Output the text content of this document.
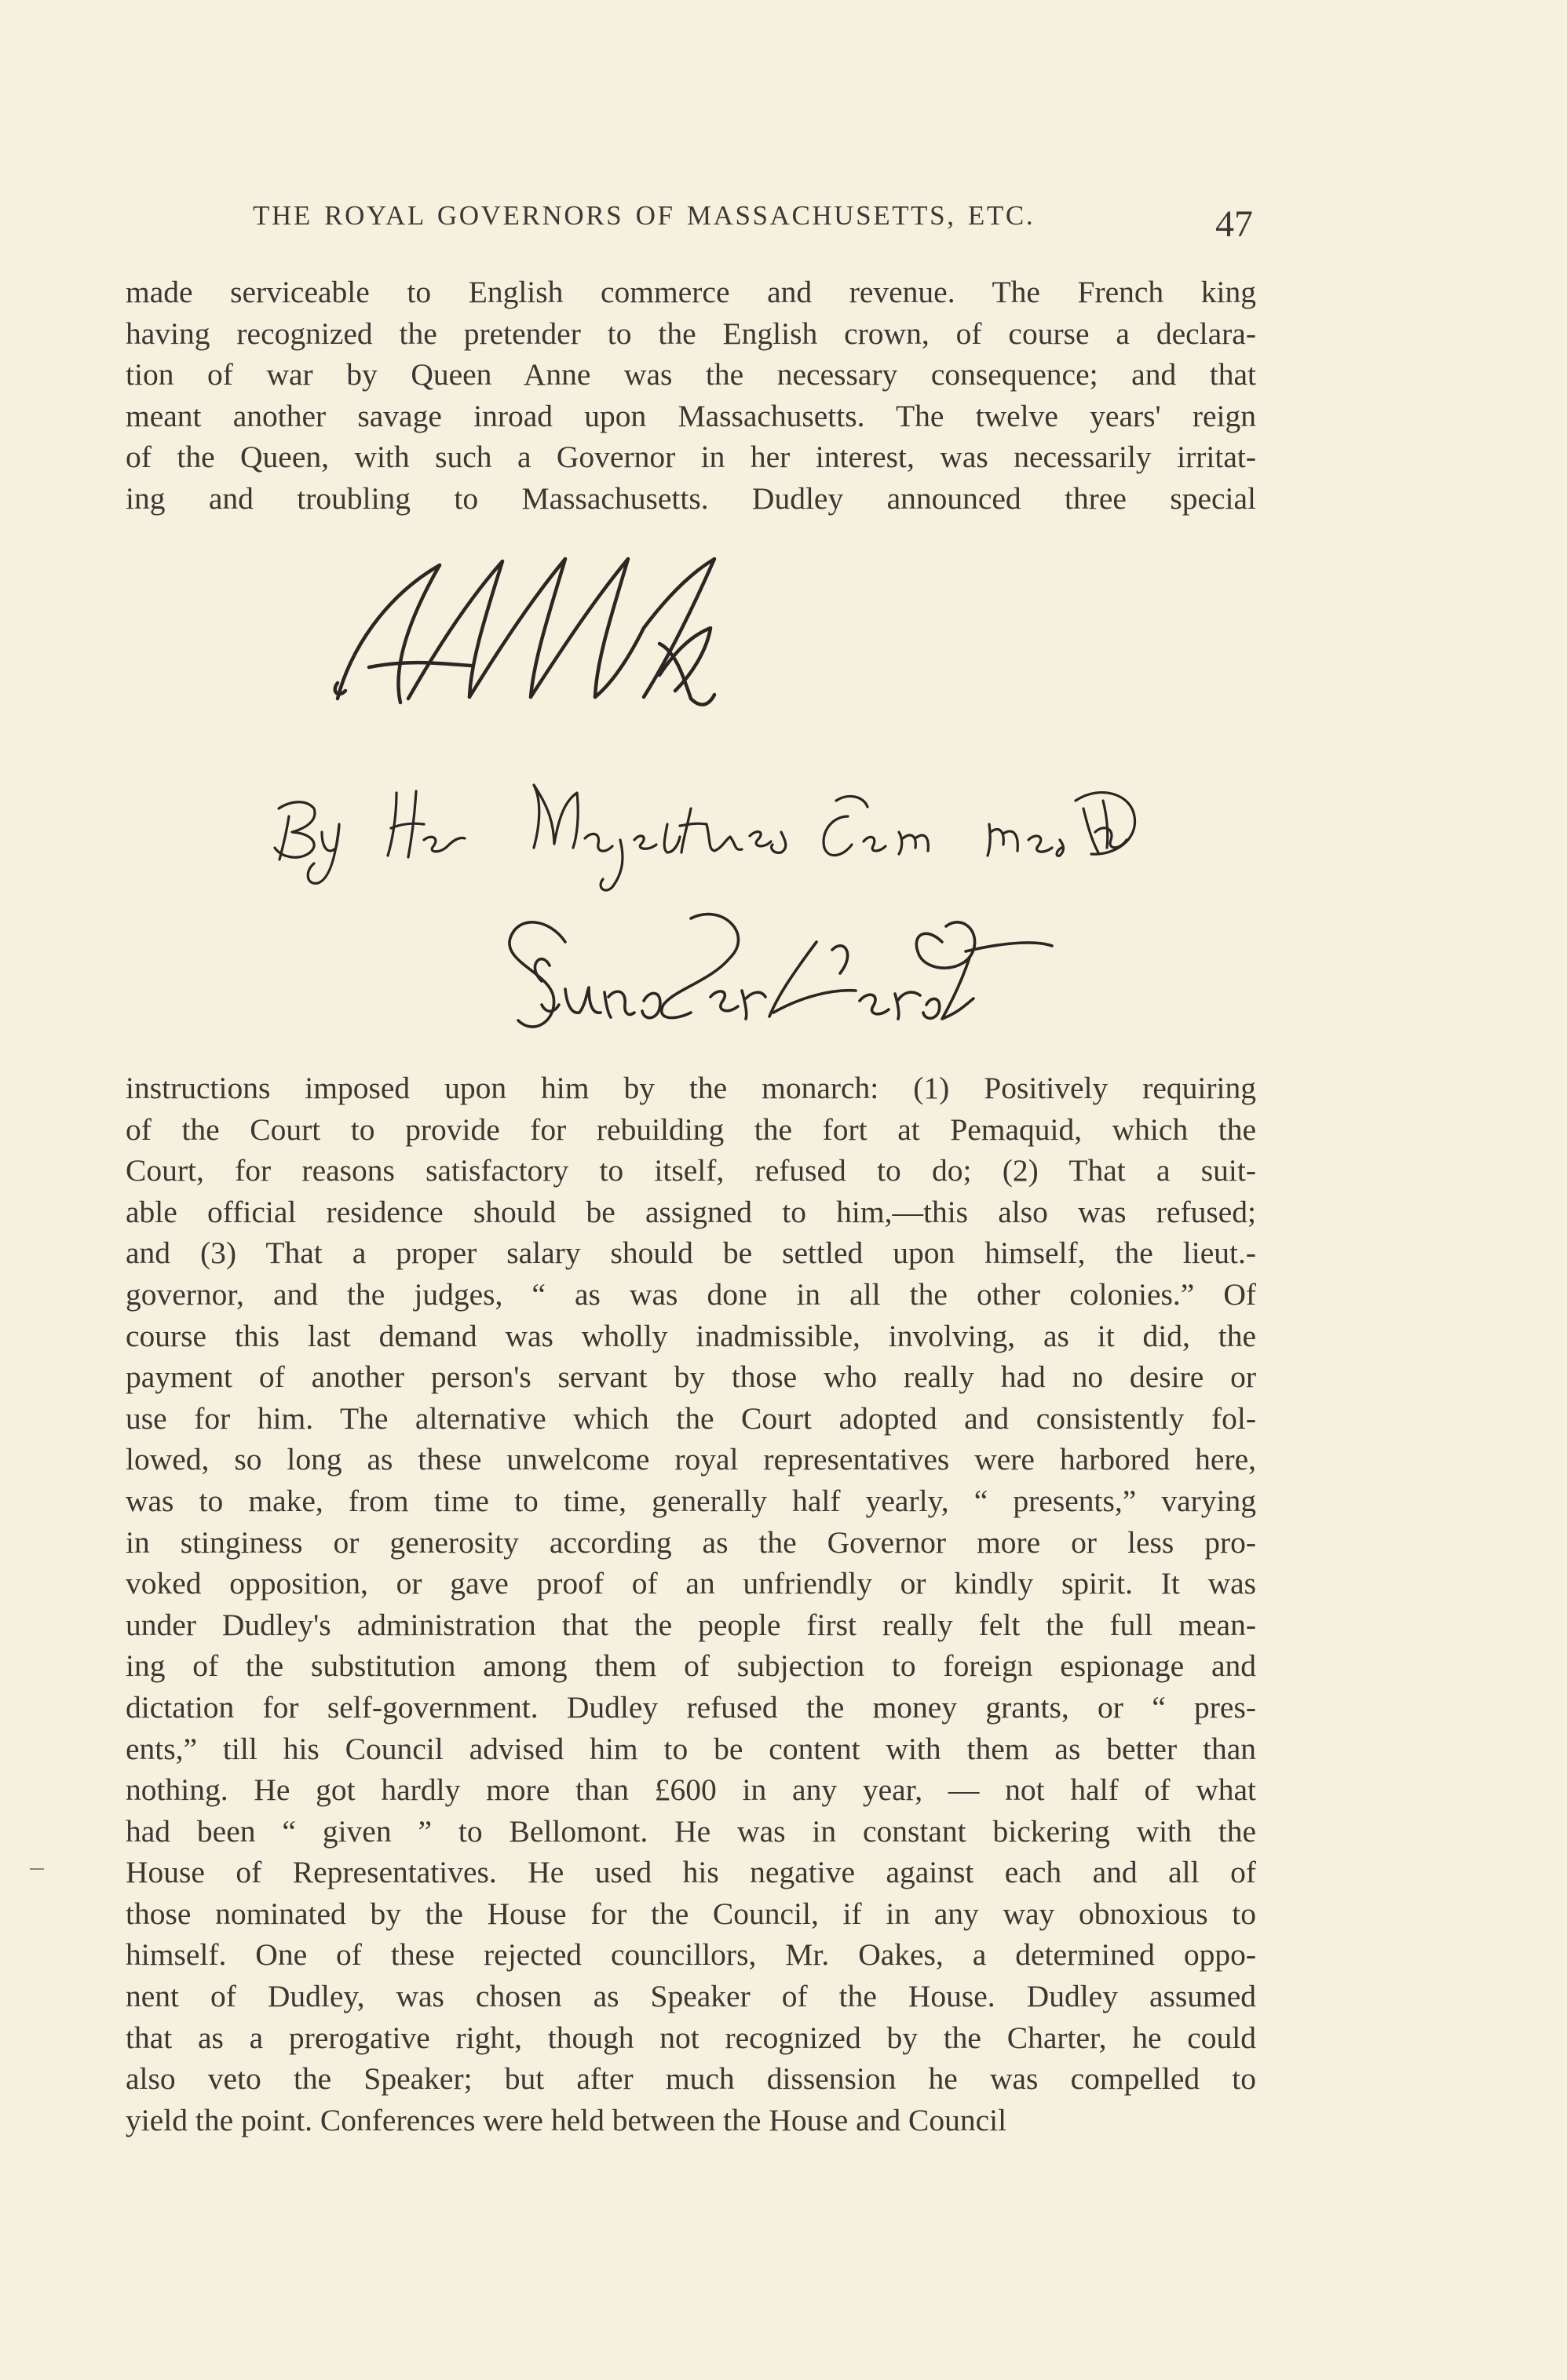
THE ROYAL GOVERNORS OF MASSACHUSETTS, ETC.	47
made serviceable to English commerce and revenue. The French king
having recognized the pretender to the English crown, of course a declara-
tion of war by Queen Anne was the necessary consequence; and that
meant another savage inroad upon Massachusetts. The twelve years' reign
of the Queen, with such a Governor in her interest, was necessarily irritat-
ing and troubling to Massachusetts. Dudley announced three special
instructions imposed upon him by the monarch: (1) Positively requiring
of the Court to provide for rebuilding the fort at Pemaquid, which the
Court, for reasons satisfactory to itself, refused to do; (2) That a suit-
able official residence should be assigned to him,—this also was refused;
and (3) That a proper salary should be settled upon himself, the lieut.-
governor, and the judges, “ as was done in all the other colonies.” Of
course this last demand was wholly inadmissible, involving, as it did, the
payment of another person's servant by those who really had no desire or
use for him. The alternative which the Court adopted and consistently fol-
lowed, so long as these unwelcome royal representatives were harbored here,
was to make, from time to time, generally half yearly, “ presents,” varying
in stinginess or generosity according as the Governor more or less pro-
voked opposition, or gave proof of an unfriendly or kindly spirit. It was
under Dudley's administration that the people first really felt the full mean-
ing of the substitution among them of subjection to foreign espionage and
dictation for self-government. Dudley refused the money grants, or “ pres-
ents,” till his Council advised him to be content with them as better than
nothing. He got hardly more than £600 in any year, — not half of what
had been “ given ” to Bellomont. He was in constant bickering with the
House of Representatives. He used his negative against each and all of
those nominated by the House for the Council, if in any way obnoxious to
himself. One of these rejected councillors, Mr. Oakes, a determined oppo-
nent of Dudley, was chosen as Speaker of the House. Dudley assumed
that as a prerogative right, though not recognized by the Charter, he could
also veto the Speaker; but after much dissension he was compelled to
yield the point. Conferences were held between the House and Council
